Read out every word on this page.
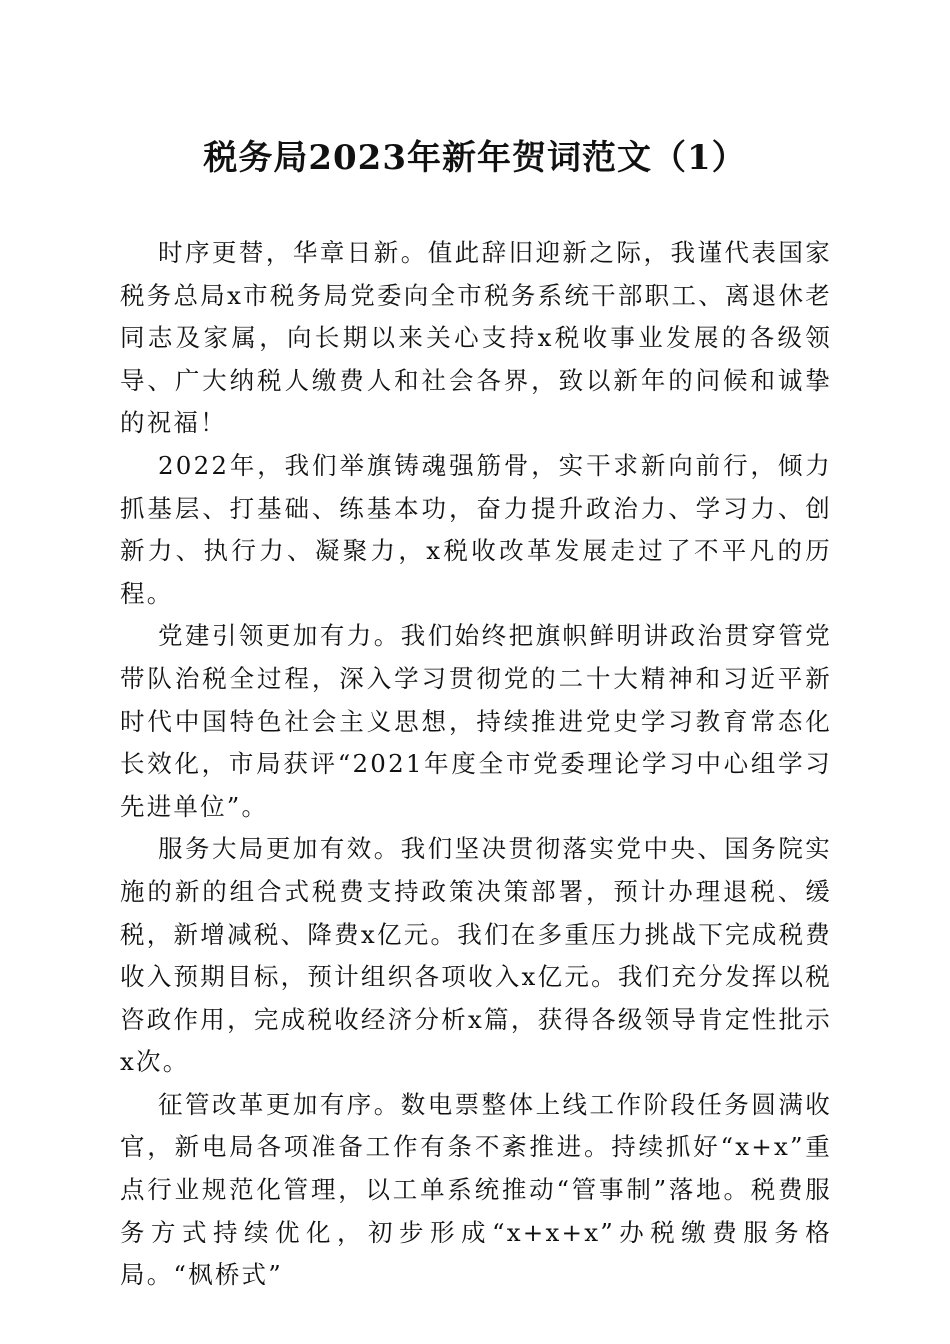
税务局2023年新年贺词范文（1）

时序更替，华章日新。值此辞旧迎新之际，我谨代表国家税务总局x市税务局党委向全市税务系统干部职工、离退休老同志及家属，向长期以来关心支持x税收事业发展的各级领导、广大纳税人缴费人和社会各界，致以新年的问候和诚挚的祝福！

2022年，我们举旗铸魂强筋骨，实干求新向前行，倾力抓基层、打基础、练基本功，奋力提升政治力、学习力、创新力、执行力、凝聚力，x税收改革发展走过了不平凡的历程。

党建引领更加有力。我们始终把旗帜鲜明讲政治贯穿管党带队治税全过程，深入学习贯彻党的二十大精神和习近平新时代中国特色社会主义思想，持续推进党史学习教育常态化长效化，市局获评“2021年度全市党委理论学习中心组学习先进单位”。

服务大局更加有效。我们坚决贯彻落实党中央、国务院实施的新的组合式税费支持政策决策部署，预计办理退税、缓税，新增减税、降费x亿元。我们在多重压力挑战下完成税费收入预期目标，预计组织各项收入x亿元。我们充分发挥以税咨政作用，完成税收经济分析x篇，获得各级领导肯定性批示x次。

征管改革更加有序。数电票整体上线工作阶段任务圆满收官，新电局各项准备工作有条不紊推进。持续抓好“x+x”重点行业规范化管理，以工单系统推动“管事制”落地。税费服务方式持续优化，初步形成“x+x+x”办税缴费服务格局。“枫桥式”
